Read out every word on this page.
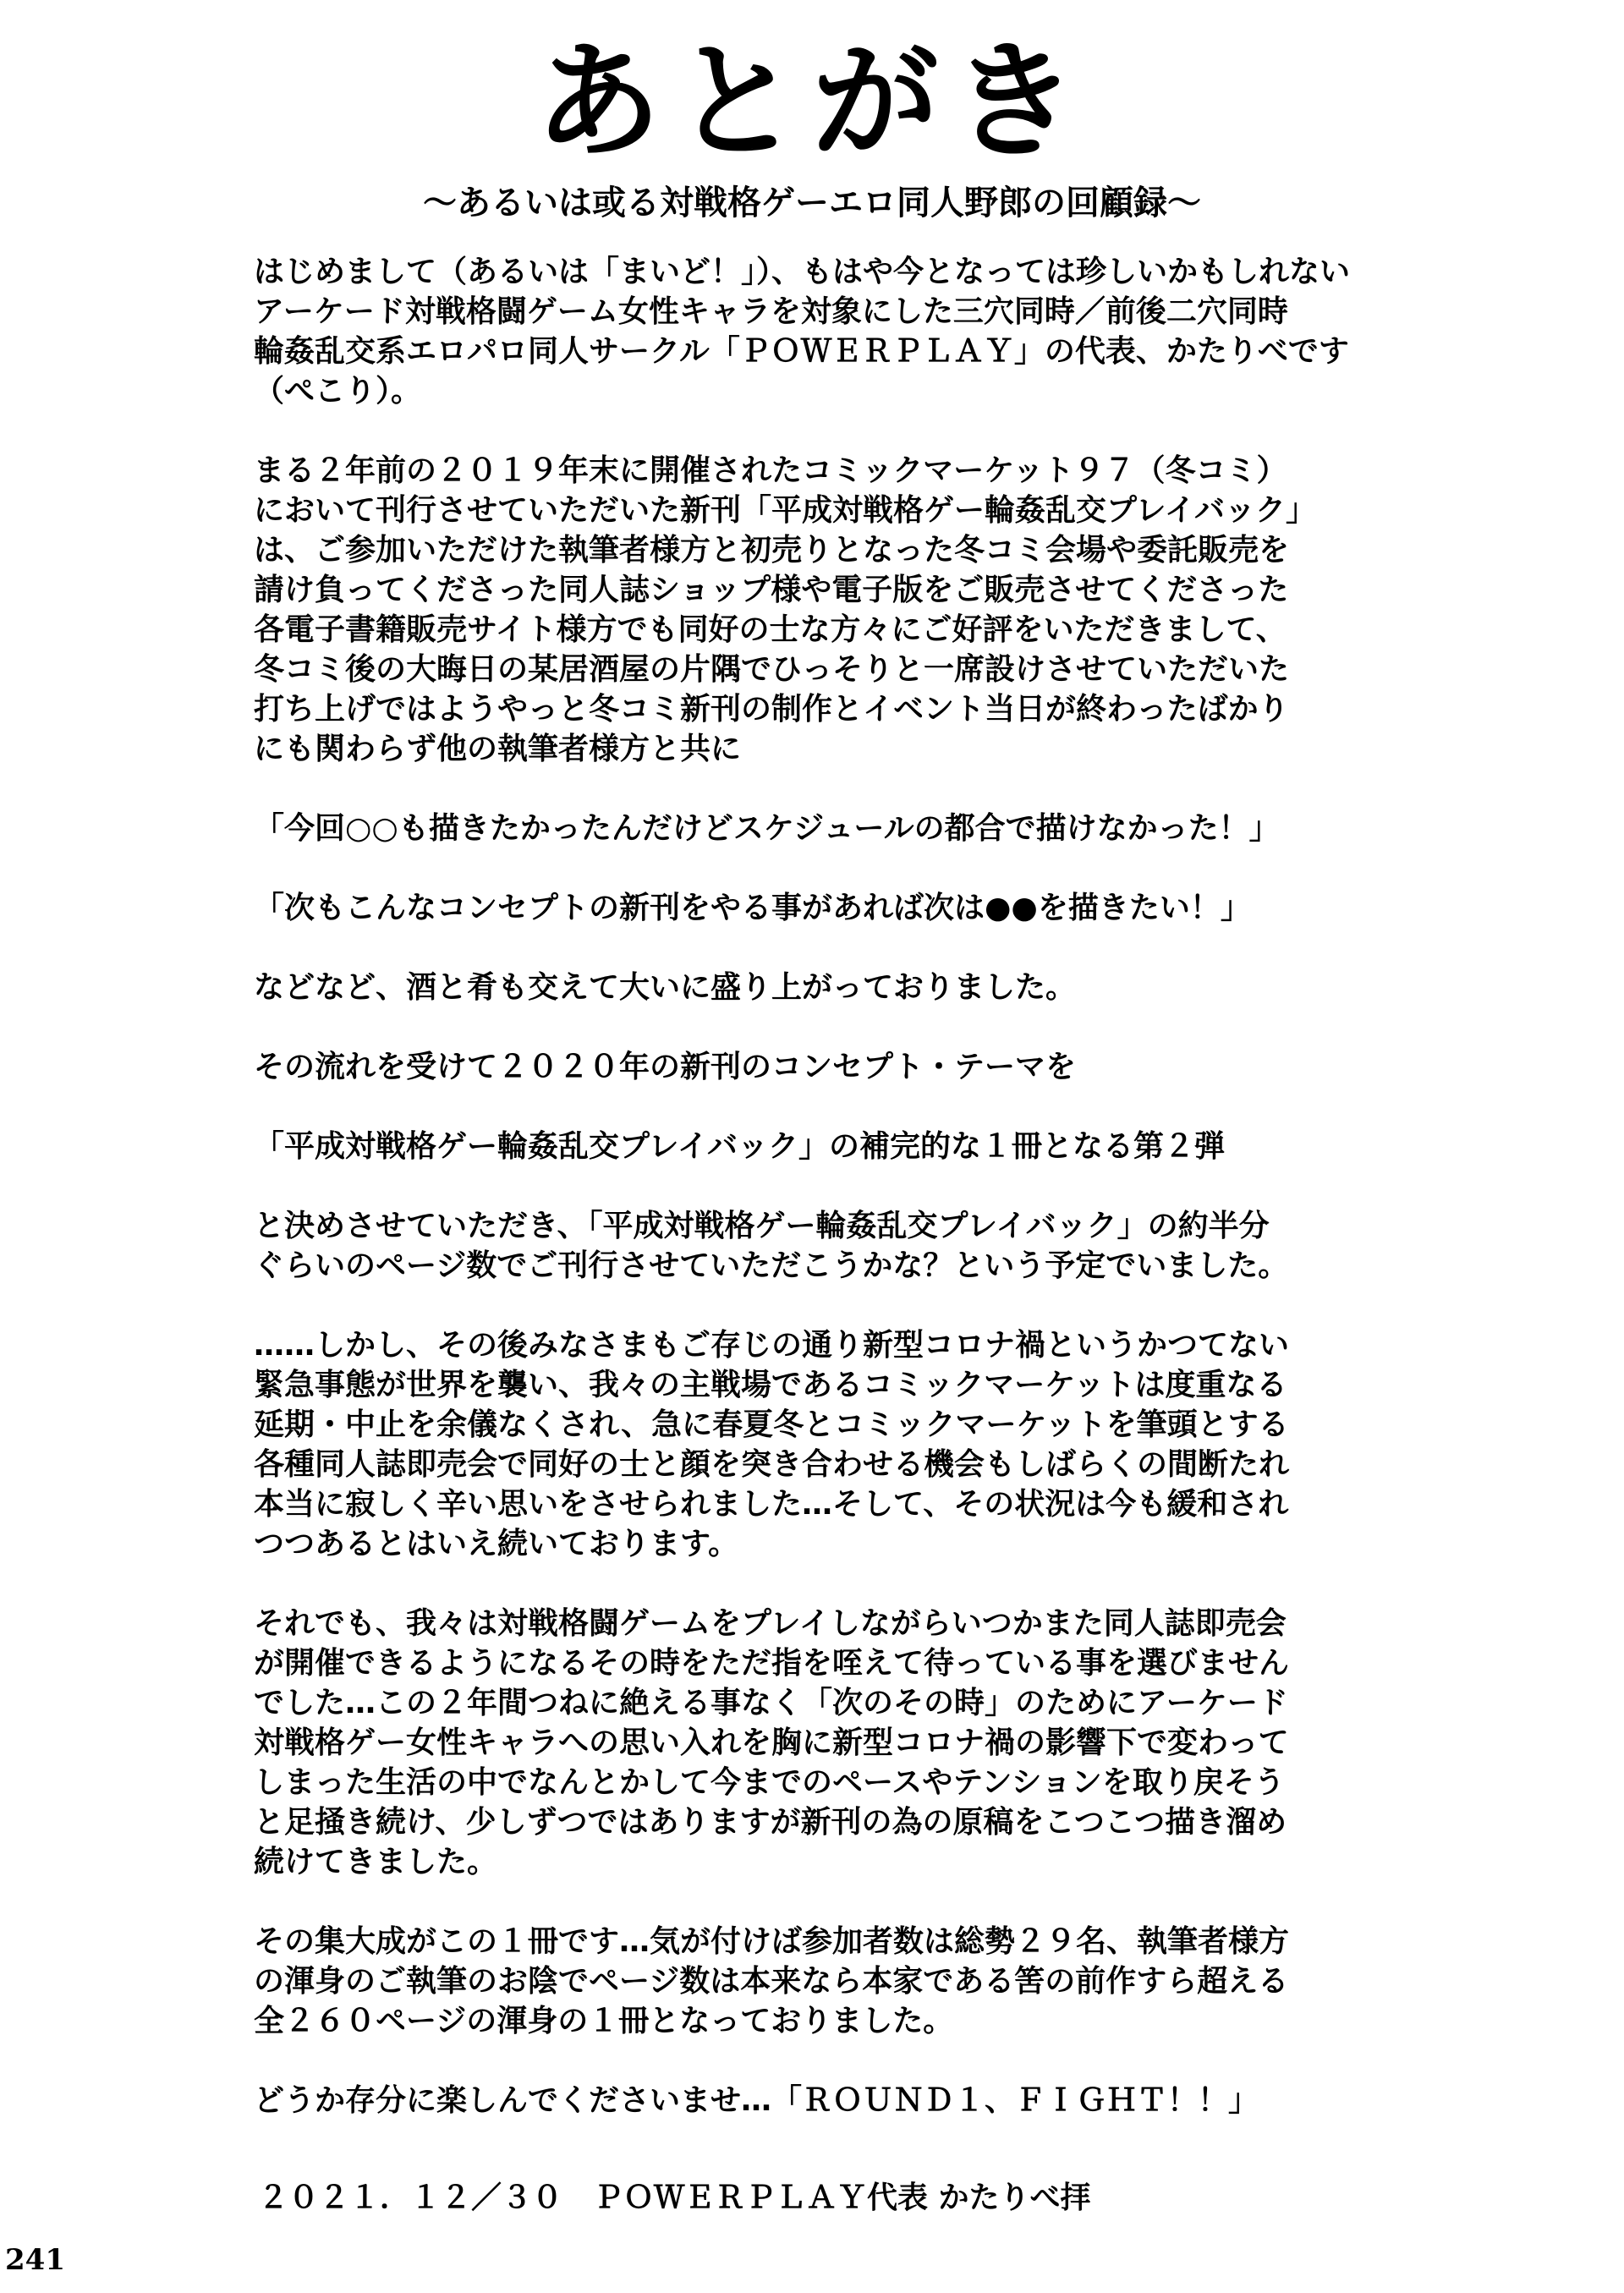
あとがき

〜あるいは或る対戦格ゲーエロ同人野郎の回顧録〜

はじめまして（あるいは「まいど！」）、もはや今となっては珍しいかもしれない
アーケード対戦格闘ゲーム女性キャラを対象にした三穴同時／前後二穴同時
輪姦乱交系エロパロ同人サークル「ＰＯＷＥＲＰＬＡＹ」の代表、かたりべです
（ぺこり）。
まる２年前の２０１９年末に開催されたコミックマーケット９７（冬コミ）
において刊行させていただいた新刊「平成対戦格ゲー輪姦乱交プレイバック」
は、ご参加いただけた執筆者様方と初売りとなった冬コミ会場や委託販売を
請け負ってくださった同人誌ショップ様や電子版をご販売させてくださった
各電子書籍販売サイト様方でも同好の士な方々にご好評をいただきまして、
冬コミ後の大晦日の某居酒屋の片隅でひっそりと一席設けさせていただいた
打ち上げではようやっと冬コミ新刊の制作とイベント当日が終わったばかり
にも関わらず他の執筆者様方と共に
「今回○○も描きたかったんだけどスケジュールの都合で描けなかった！」
「次もこんなコンセプトの新刊をやる事があれば次は●●を描きたい！」
などなど、酒と肴も交えて大いに盛り上がっておりました。
その流れを受けて２０２０年の新刊のコンセプト・テーマを
「平成対戦格ゲー輪姦乱交プレイバック」の補完的な１冊となる第２弾
と決めさせていただき、「平成対戦格ゲー輪姦乱交プレイバック」の約半分
ぐらいのページ数でご刊行させていただこうかな？という予定でいました。
……しかし、その後みなさまもご存じの通り新型コロナ禍というかつてない
緊急事態が世界を襲い、我々の主戦場であるコミックマーケットは度重なる
延期・中止を余儀なくされ、急に春夏冬とコミックマーケットを筆頭とする
各種同人誌即売会で同好の士と顔を突き合わせる機会もしばらくの間断たれ
本当に寂しく辛い思いをさせられました…そして、その状況は今も緩和され
つつあるとはいえ続いております。
それでも、我々は対戦格闘ゲームをプレイしながらいつかまた同人誌即売会
が開催できるようになるその時をただ指を咥えて待っている事を選びません
でした…この２年間つねに絶える事なく「次のその時」のためにアーケード
対戦格ゲー女性キャラへの思い入れを胸に新型コロナ禍の影響下で変わって
しまった生活の中でなんとかして今までのペースやテンションを取り戻そう
と足掻き続け、少しずつではありますが新刊の為の原稿をこつこつ描き溜め
続けてきました。
その集大成がこの１冊です…気が付けば参加者数は総勢２９名、執筆者様方
の渾身のご執筆のお陰でページ数は本来なら本家である筈の前作すら超える
全２６０ページの渾身の１冊となっておりました。
どうか存分に楽しんでくださいませ…「ＲＯＵＮＤ１、ＦＩＧＨＴ！！」

２０２１．１２／３０　ＰＯＷＥＲＰＬＡＹ代表 かたりべ拝

241
